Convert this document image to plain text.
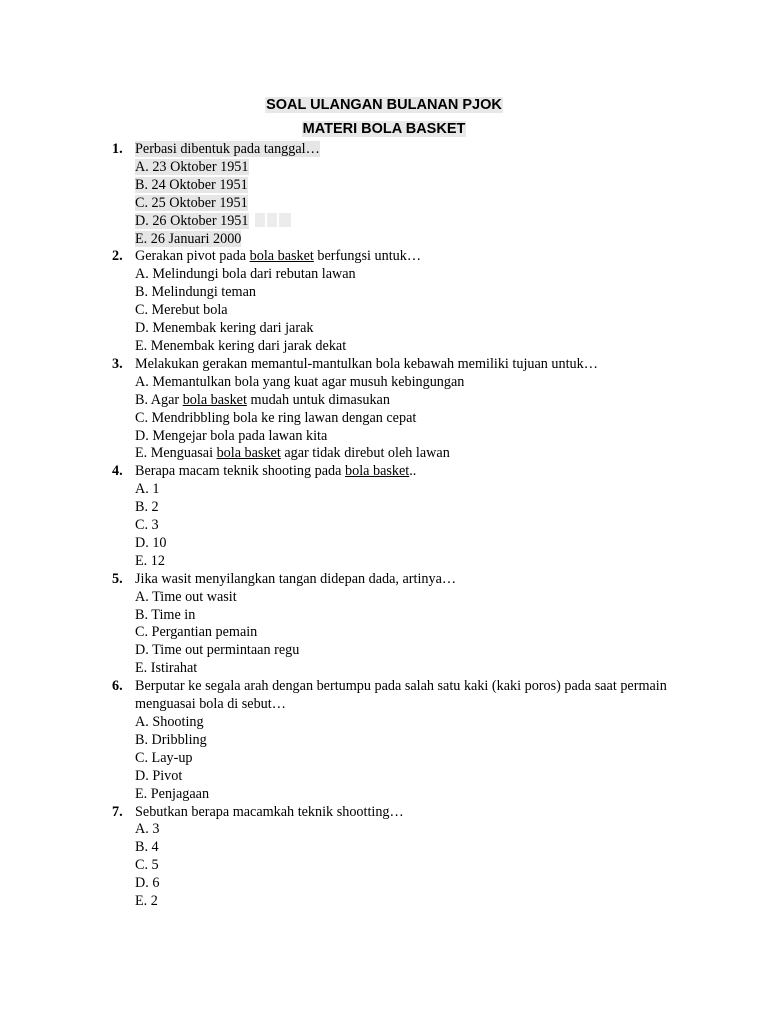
SOAL ULANGAN BULANAN PJOK
MATERI BOLA BASKET
1. Perbasi dibentuk pada tanggal…
A. 23 Oktober 1951
B. 24 Oktober 1951
C. 25 Oktober 1951
D. 26 Oktober 1951
E. 26 Januari 2000
2. Gerakan pivot pada bola basket berfungsi untuk…
A. Melindungi bola dari rebutan lawan
B. Melindungi teman
C. Merebut bola
D. Menembak kering dari jarak
E. Menembak kering dari jarak dekat
3. Melakukan gerakan memantul-mantulkan bola kebawah memiliki tujuan untuk…
A. Memantulkan bola yang kuat agar musuh kebingungan
B. Agar bola basket mudah untuk dimasukan
C. Mendribbling bola ke ring lawan dengan cepat
D. Mengejar bola pada lawan kita
E. Menguasai bola basket agar tidak direbut oleh lawan
4. Berapa macam teknik shooting pada bola basket..
A. 1
B. 2
C. 3
D. 10
E. 12
5. Jika wasit menyilangkan tangan didepan dada, artinya…
A. Time out wasit
B. Time in
C. Pergantian pemain
D. Time out permintaan regu
E. Istirahat
6. Berputar ke segala arah dengan bertumpu pada salah satu kaki (kaki poros) pada saat permain menguasai bola di sebut…
A. Shooting
B. Dribbling
C. Lay-up
D. Pivot
E. Penjagaan
7. Sebutkan berapa macamkah teknik shootting…
A. 3
B. 4
C. 5
D. 6
E. 2
